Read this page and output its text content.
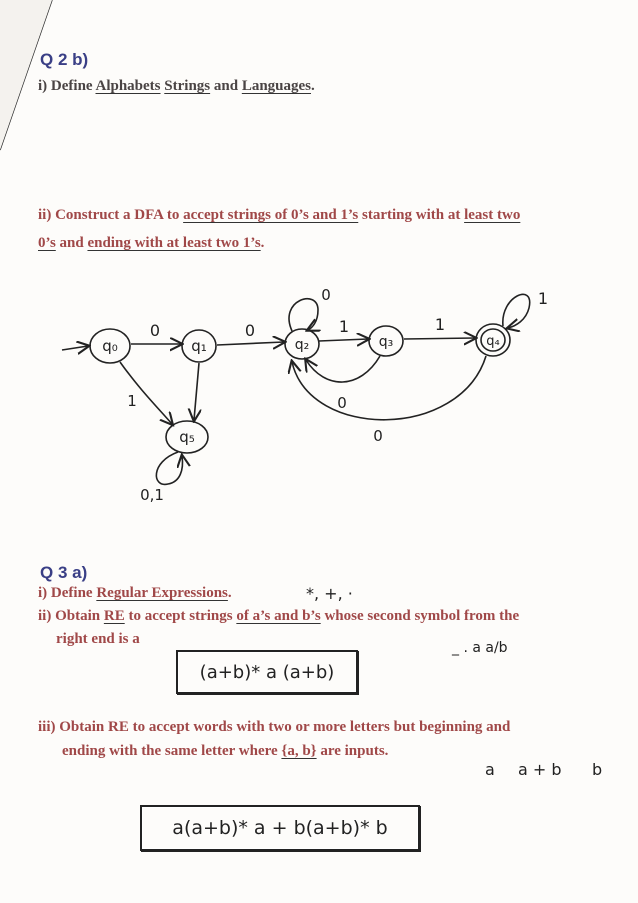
Q 2 b)
i) Define Alphabets Strings and Languages.
ii) Construct a DFA to accept strings of 0’s and 1’s starting with at least two
0’s and ending with at least two 1’s.
q₀	q₁	q₂	q₃	q₄
q₅
0	0
0
1	1
1
0
0
1
0,1
Q 3 a)
i) Define Regular Expressions.	*, +, ·
ii) Obtain RE to accept strings of a’s and b’s whose second symbol from the
right end is a
_ . a a/b
(a+b)* a (a+b)
iii) Obtain RE to accept words with two or more letters but beginning and
ending with the same letter where {a, b} are inputs.
a a + b b
a(a+b)* a + b(a+b)* b
